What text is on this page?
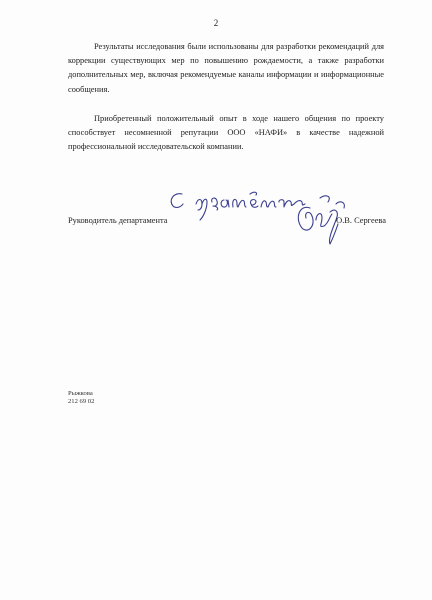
2

Результаты исследования были использованы для разработки рекомендаций для коррекции существующих мер по повышению рождаемости, а также разработки дополнительных мер, включая рекомендуемые каналы информации и информационные сообщения.

Приобретенный положительный опыт в ходе нашего общения по проекту способствует несомненной репутации ООО «НАФИ» в качестве надежной профессиональной исследовательской компании.

Руководитель департамента	О.В. Сергеева
Рыжкова
212 69 02
